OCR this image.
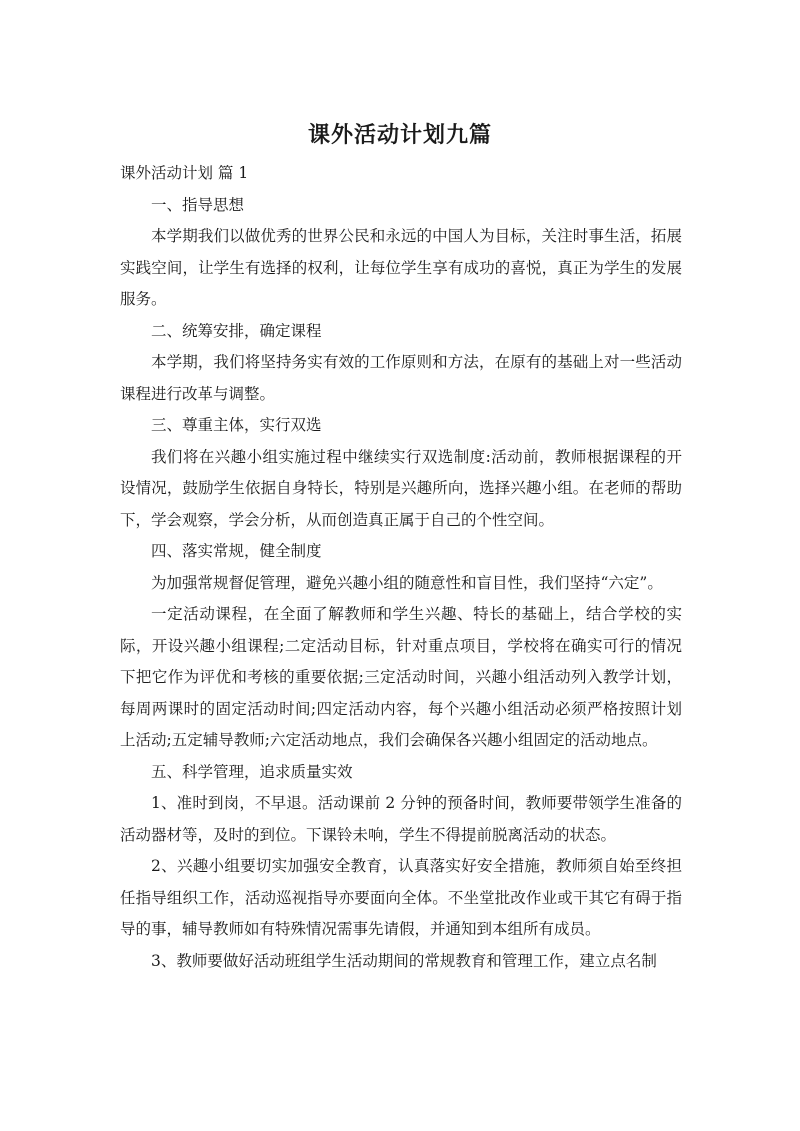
课外活动计划九篇

课外活动计划 篇 1

一、指导思想

本学期我们以做优秀的世界公民和永远的中国人为目标，关注时事生活，拓展实践空间，让学生有选择的权利，让每位学生享有成功的喜悦，真正为学生的发展服务。

二、统筹安排，确定课程

本学期，我们将坚持务实有效的工作原则和方法，在原有的基础上对一些活动课程进行改革与调整。

三、尊重主体，实行双选

我们将在兴趣小组实施过程中继续实行双选制度:活动前，教师根据课程的开设情况，鼓励学生依据自身特长，特别是兴趣所向，选择兴趣小组。在老师的帮助下，学会观察，学会分析，从而创造真正属于自己的个性空间。

四、落实常规，健全制度

为加强常规督促管理，避免兴趣小组的随意性和盲目性，我们坚持“六定”。

一定活动课程，在全面了解教师和学生兴趣、特长的基础上，结合学校的实际，开设兴趣小组课程;二定活动目标，针对重点项目，学校将在确实可行的情况下把它作为评优和考核的重要依据;三定活动时间，兴趣小组活动列入教学计划，每周两课时的固定活动时间;四定活动内容，每个兴趣小组活动必须严格按照计划上活动;五定辅导教师;六定活动地点，我们会确保各兴趣小组固定的活动地点。

五、科学管理，追求质量实效

1、准时到岗，不早退。活动课前 2 分钟的预备时间，教师要带领学生准备的活动器材等，及时的到位。下课铃未响，学生不得提前脱离活动的状态。

2、兴趣小组要切实加强安全教育，认真落实好安全措施，教师须自始至终担任指导组织工作，活动巡视指导亦要面向全体。不坐堂批改作业或干其它有碍于指导的事，辅导教师如有特殊情况需事先请假，并通知到本组所有成员。

3、教师要做好活动班组学生活动期间的常规教育和管理工作，建立点名制
